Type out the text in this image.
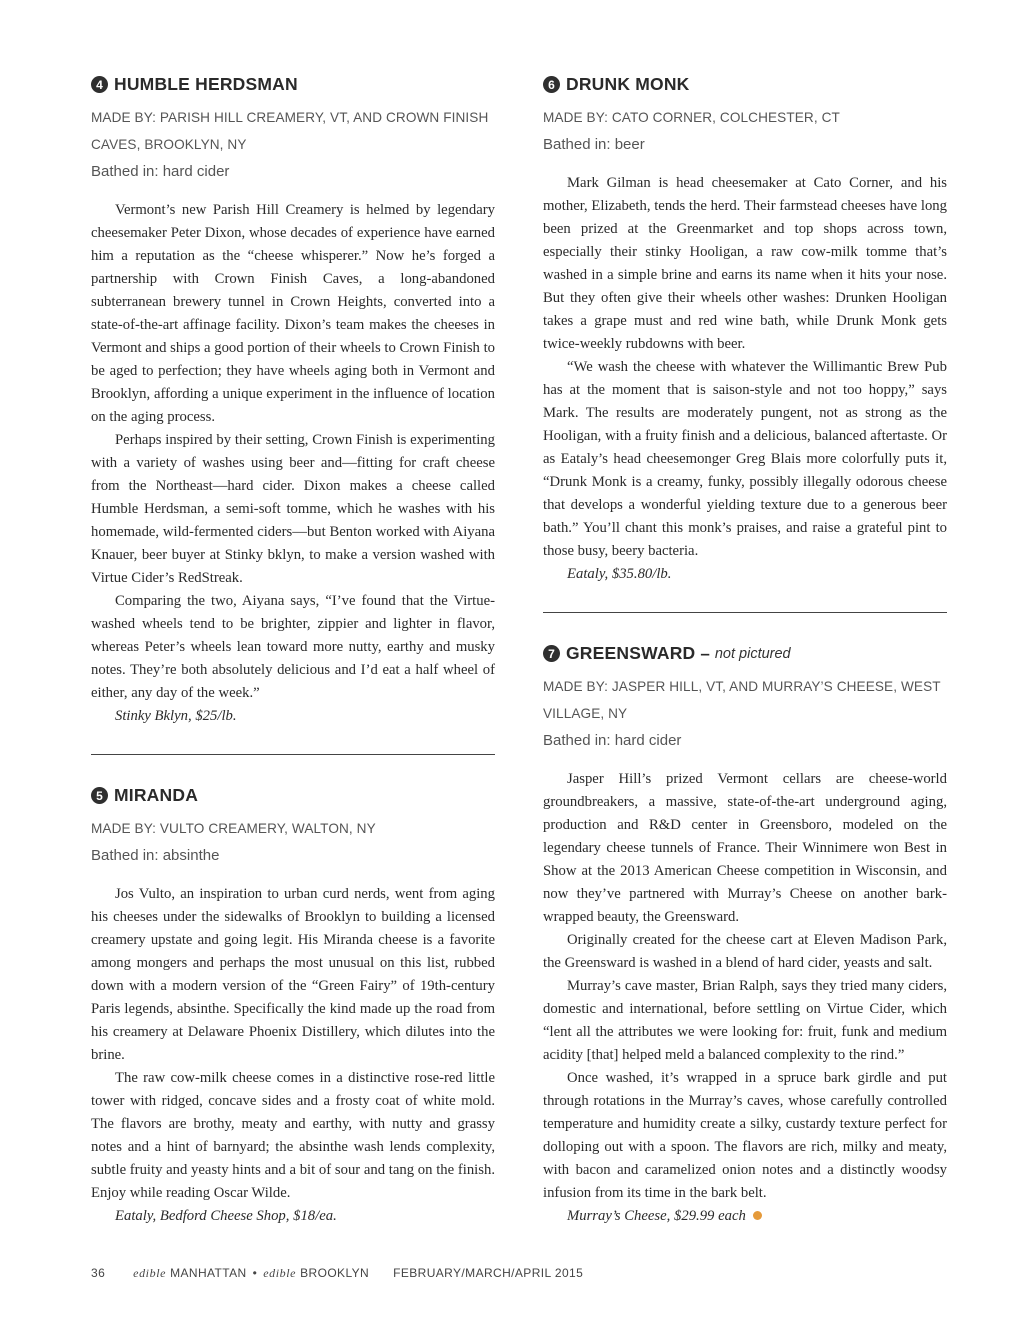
4 HUMBLE HERDSMAN
MADE BY: PARISH HILL CREAMERY, VT, AND CROWN FINISH CAVES, BROOKLYN, NY
Bathed in: hard cider

Vermont’s new Parish Hill Creamery is helmed by legendary cheesemaker Peter Dixon, whose decades of experience have earned him a reputation as the “cheese whisperer.” Now he’s forged a partnership with Crown Finish Caves, a long-abandoned subterranean brewery tunnel in Crown Heights, converted into a state-of-the-art affinage facility. Dixon’s team makes the cheeses in Vermont and ships a good portion of their wheels to Crown Finish to be aged to perfection; they have wheels aging both in Vermont and Brooklyn, affording a unique experiment in the influence of location on the aging process.

Perhaps inspired by their setting, Crown Finish is experimenting with a variety of washes using beer and—fitting for craft cheese from the Northeast—hard cider. Dixon makes a cheese called Humble Herdsman, a semi-soft tomme, which he washes with his homemade, wild-fermented ciders—but Benton worked with Aiyana Knauer, beer buyer at Stinky bklyn, to make a version washed with Virtue Cider’s RedStreak.

Comparing the two, Aiyana says, “I’ve found that the Virtue-washed wheels tend to be brighter, zippier and lighter in flavor, whereas Peter’s wheels lean toward more nutty, earthy and musky notes. They’re both absolutely delicious and I’d eat a half wheel of either, any day of the week.”

Stinky Bklyn, $25/lb.
5 MIRANDA
MADE BY: VULTO CREAMERY, WALTON, NY
Bathed in: absinthe

Jos Vulto, an inspiration to urban curd nerds, went from aging his cheeses under the sidewalks of Brooklyn to building a licensed creamery upstate and going legit. His Miranda cheese is a favorite among mongers and perhaps the most unusual on this list, rubbed down with a modern version of the “Green Fairy” of 19th-century Paris legends, absinthe. Specifically the kind made up the road from his creamery at Delaware Phoenix Distillery, which dilutes into the brine.

The raw cow-milk cheese comes in a distinctive rose-red little tower with ridged, concave sides and a frosty coat of white mold. The flavors are brothy, meaty and earthy, with nutty and grassy notes and a hint of barnyard; the absinthe wash lends complexity, subtle fruity and yeasty hints and a bit of sour and tang on the finish. Enjoy while reading Oscar Wilde.

Eataly, Bedford Cheese Shop, $18/ea.
6 DRUNK MONK
MADE BY: CATO CORNER, COLCHESTER, CT
Bathed in: beer

Mark Gilman is head cheesemaker at Cato Corner, and his mother, Elizabeth, tends the herd. Their farmstead cheeses have long been prized at the Greenmarket and top shops across town, especially their stinky Hooligan, a raw cow-milk tomme that’s washed in a simple brine and earns its name when it hits your nose. But they often give their wheels other washes: Drunken Hooligan takes a grape must and red wine bath, while Drunk Monk gets twice-weekly rubdowns with beer.

“We wash the cheese with whatever the Willimantic Brew Pub has at the moment that is saison-style and not too hoppy,” says Mark. The results are moderately pungent, not as strong as the Hooligan, with a fruity finish and a delicious, balanced aftertaste. Or as Eataly’s head cheesemonger Greg Blais more colorfully puts it, “Drunk Monk is a creamy, funky, possibly illegally odorous cheese that develops a wonderful yielding texture due to a generous beer bath.” You’ll chant this monk’s praises, and raise a grateful pint to those busy, beery bacteria.

Eataly, $35.80/lb.
7 GREENSWARD – not pictured
MADE BY: JASPER HILL, VT, AND MURRAY’S CHEESE, WEST VILLAGE, NY
Bathed in: hard cider

Jasper Hill’s prized Vermont cellars are cheese-world groundbreakers, a massive, state-of-the-art underground aging, production and R&D center in Greensboro, modeled on the legendary cheese tunnels of France. Their Winnimere won Best in Show at the 2013 American Cheese competition in Wisconsin, and now they’ve partnered with Murray’s Cheese on another bark-wrapped beauty, the Greensward.

Originally created for the cheese cart at Eleven Madison Park, the Greensward is washed in a blend of hard cider, yeasts and salt.

Murray’s cave master, Brian Ralph, says they tried many ciders, domestic and international, before settling on Virtue Cider, which “lent all the attributes we were looking for: fruit, funk and medium acidity [that] helped meld a balanced complexity to the rind.”

Once washed, it’s wrapped in a spruce bark girdle and put through rotations in the Murray’s caves, whose carefully controlled temperature and humidity create a silky, custardy texture perfect for dolloping out with a spoon. The flavors are rich, milky and meaty, with bacon and caramelized onion notes and a distinctly woodsy infusion from its time in the bark belt.

Murray’s Cheese, $29.99 each
36 edible MANHATTAN • edible BROOKLYN FEBRUARY/MARCH/APRIL 2015
